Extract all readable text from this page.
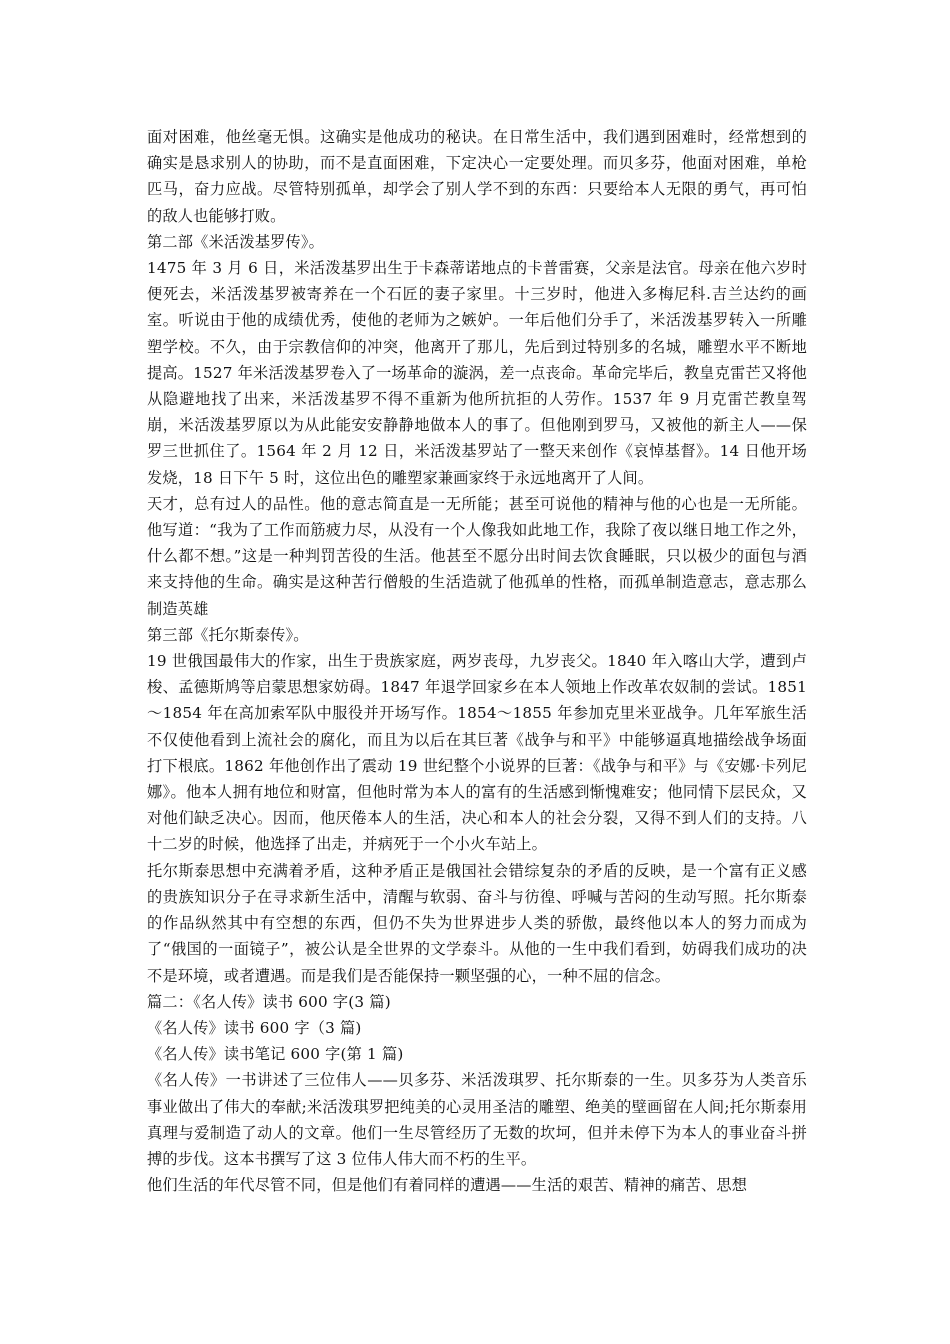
面对困难，他丝毫无惧。这确实是他成功的秘诀。在日常生活中，我们遇到困难时，经常想到的确实是恳求别人的协助，而不是直面困难，下定决心一定要处理。而贝多芬，他面对困难，单枪匹马，奋力应战。尽管特别孤单，却学会了别人学不到的东西：只要给本人无限的勇气，再可怕的敌人也能够打败。

第二部《米活泼基罗传》。

1475 年 3 月 6 日，米活泼基罗出生于卡森蒂诺地点的卡普雷赛，父亲是法官。母亲在他六岁时便死去，米活泼基罗被寄养在一个石匠的妻子家里。十三岁时，他进入多梅尼科.吉兰达约的画室。听说由于他的成绩优秀，使他的老师为之嫉妒。一年后他们分手了，米活泼基罗转入一所雕塑学校。不久，由于宗教信仰的冲突，他离开了那儿，先后到过特别多的名城，雕塑水平不断地提高。1527 年米活泼基罗卷入了一场革命的漩涡，差一点丧命。革命完毕后，教皇克雷芒又将他从隐避地找了出来，米活泼基罗不得不重新为他所抗拒的人劳作。1537 年 9 月克雷芒教皇驾崩，米活泼基罗原以为从此能安安静静地做本人的事了。但他刚到罗马，又被他的新主人——保罗三世抓住了。1564 年 2 月 12 日，米活泼基罗站了一整天来创作《哀悼基督》。14 日他开场发烧，18 日下午 5 时，这位出色的雕塑家兼画家终于永远地离开了人间。

天才，总有过人的品性。他的意志简直是一无所能；甚至可说他的精神与他的心也是一无所能。他写道：“我为了工作而筋疲力尽，从没有一个人像我如此地工作，我除了夜以继日地工作之外，什么都不想。”这是一种判罚苦役的生活。他甚至不愿分出时间去饮食睡眠，只以极少的面包与酒来支持他的生命。确实是这种苦行僧般的生活造就了他孤单的性格，而孤单制造意志，意志那么制造英雄

第三部《托尔斯泰传》。

19 世俄国最伟大的作家，出生于贵族家庭，两岁丧母，九岁丧父。1840 年入喀山大学，遭到卢梭、孟德斯鸠等启蒙思想家妨碍。1847 年退学回家乡在本人领地上作改革农奴制的尝试。1851～1854 年在高加索军队中服役并开场写作。1854～1855 年参加克里米亚战争。几年军旅生活不仅使他看到上流社会的腐化，而且为以后在其巨著《战争与和平》中能够逼真地描绘战争场面打下根底。1862 年他创作出了震动 19 世纪整个小说界的巨著：《战争与和平》与《安娜·卡列尼娜》。他本人拥有地位和财富，但他时常为本人的富有的生活感到惭愧难安；他同情下层民众，又对他们缺乏决心。因而，他厌倦本人的生活，决心和本人的社会分裂，又得不到人们的支持。八十二岁的时候，他选择了出走，并病死于一个小火车站上。

托尔斯泰思想中充满着矛盾，这种矛盾正是俄国社会错综复杂的矛盾的反映，是一个富有正义感的贵族知识分子在寻求新生活中，清醒与软弱、奋斗与彷徨、呼喊与苦闷的生动写照。托尔斯泰的作品纵然其中有空想的东西，但仍不失为世界进步人类的骄傲，最终他以本人的努力而成为了“俄国的一面镜子”，被公认是全世界的文学泰斗。从他的一生中我们看到，妨碍我们成功的决不是环境，或者遭遇。而是我们是否能保持一颗坚强的心，一种不屈的信念。

篇二：《名人传》读书 600 字(3 篇)

《名人传》读书 600 字（3 篇)

《名人传》读书笔记 600 字(第 1 篇)

《名人传》一书讲述了三位伟人——贝多芬、米活泼琪罗、托尔斯泰的一生。贝多芬为人类音乐事业做出了伟大的奉献;米活泼琪罗把纯美的心灵用圣洁的雕塑、绝美的壁画留在人间;托尔斯泰用真理与爱制造了动人的文章。他们一生尽管经历了无数的坎坷，但并未停下为本人的事业奋斗拼搏的步伐。这本书撰写了这 3 位伟人伟大而不朽的生平。

他们生活的年代尽管不同，但是他们有着同样的遭遇——生活的艰苦、精神的痛苦、思想
